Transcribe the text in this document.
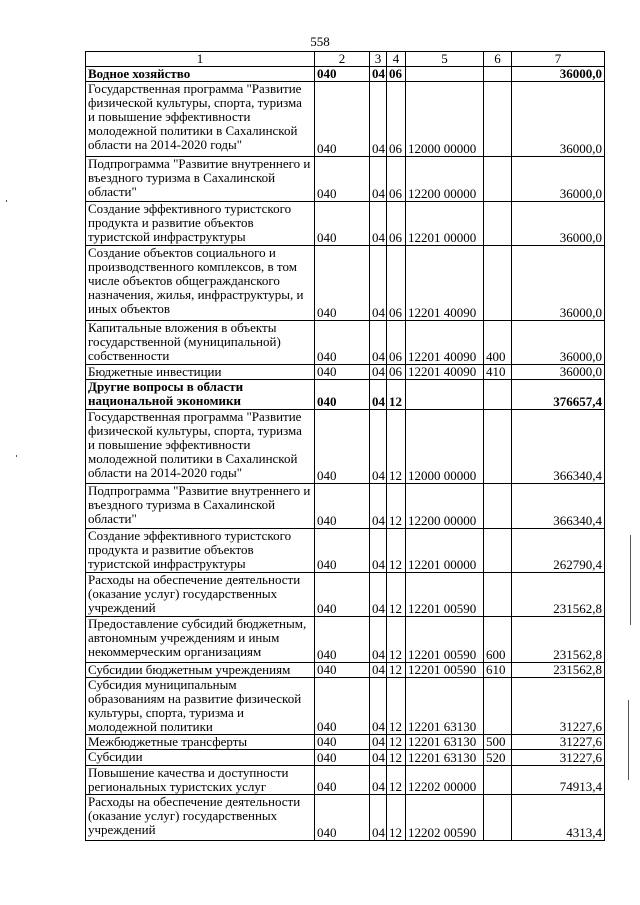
558
1	2	3	4	5	6	7
Водное хозяйство	040	04	06			36000,0
Государственная программа "Развитие физической культуры, спорта, туризма и повышение эффективности молодежной политики в Сахалинской области на 2014-2020 годы"	040	04	06	12000 00000		36000,0
Подпрограмма "Развитие внутреннего и въездного туризма в Сахалинской области"	040	04	06	12200 00000		36000,0
Создание эффективного туристского продукта и развитие объектов туристской инфраструктуры	040	04	06	12201 00000		36000,0
Создание объектов социального и производственного комплексов, в том числе объектов общегражданского назначения, жилья, инфраструктуры, и иных объектов	040	04	06	12201 40090		36000,0
Капитальные вложения в объекты государственной (муниципальной) собственности	040	04	06	12201 40090	400	36000,0
Бюджетные инвестиции	040	04	06	12201 40090	410	36000,0
Другие вопросы в области национальной экономики	040	04	12			376657,4
Государственная программа "Развитие физической культуры, спорта, туризма и повышение эффективности молодежной политики в Сахалинской области на 2014-2020 годы"	040	04	12	12000 00000		366340,4
Подпрограмма "Развитие внутреннего и въездного туризма в Сахалинской области"	040	04	12	12200 00000		366340,4
Создание эффективного туристского продукта и развитие объектов туристской инфраструктуры	040	04	12	12201 00000		262790,4
Расходы на обеспечение деятельности (оказание услуг) государственных учреждений	040	04	12	12201 00590		231562,8
Предоставление субсидий бюджетным, автономным учреждениям и иным некоммерческим организациям	040	04	12	12201 00590	600	231562,8
Субсидии бюджетным учреждениям	040	04	12	12201 00590	610	231562,8
Субсидия муниципальным образованиям на развитие физической культуры, спорта, туризма и молодежной политики	040	04	12	12201 63130		31227,6
Межбюджетные трансферты	040	04	12	12201 63130	500	31227,6
Субсидии	040	04	12	12201 63130	520	31227,6
Повышение качества и доступности региональных туристских услуг	040	04	12	12202 00000		74913,4
Расходы на обеспечение деятельности (оказание услуг) государственных учреждений	040	04	12	12202 00590		4313,4
